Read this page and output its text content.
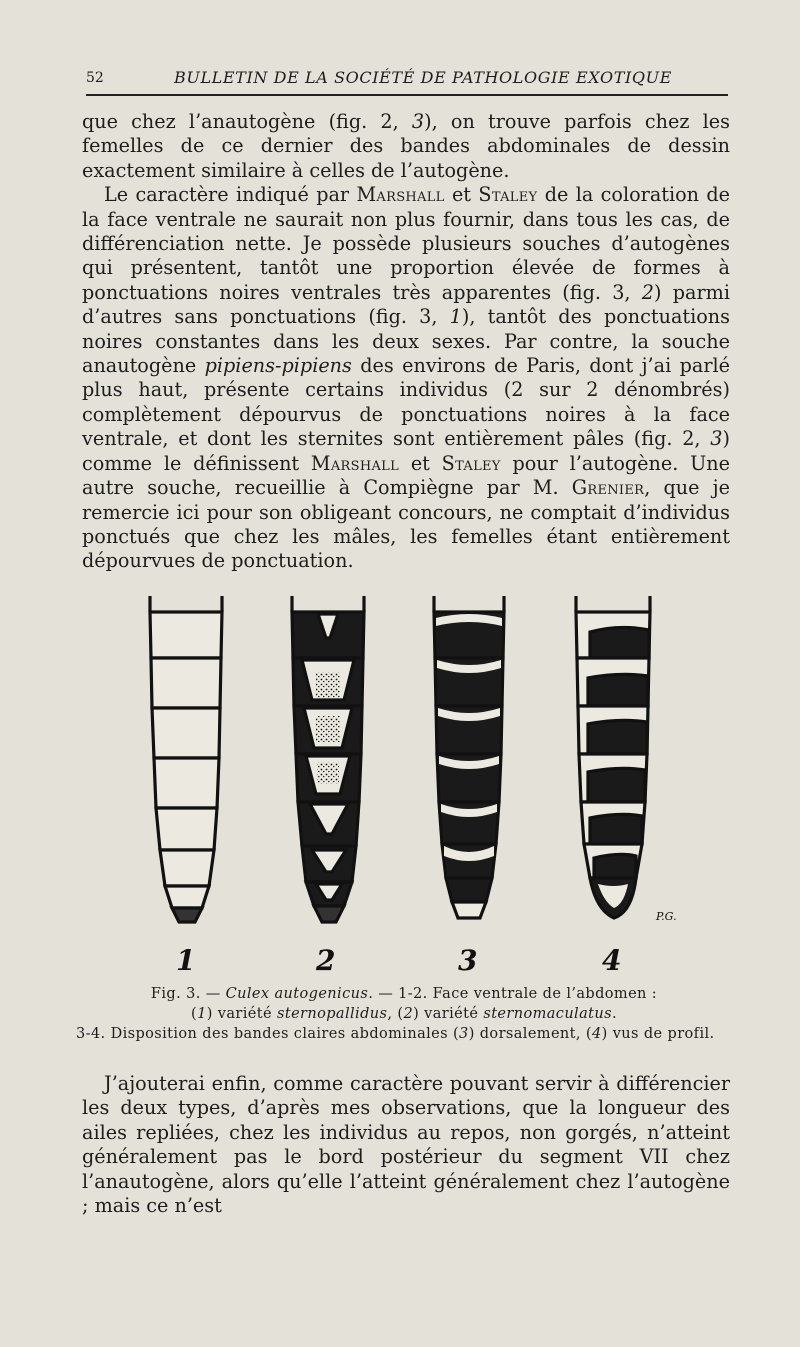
52	BULLETIN DE LA SOCIÉTÉ DE PATHOLOGIE EXOTIQUE

que chez l’anautogène (fig. 2, 3), on trouve parfois chez les femelles de ce dernier des bandes abdominales de dessin exactement similaire à celles de l’autogène.

Le caractère indiqué par Marshall et Staley de la coloration de la face ventrale ne saurait non plus fournir, dans tous les cas, de différenciation nette. Je possède plusieurs souches d’autogènes qui présentent, tantôt une proportion élevée de formes à ponctuations noires ventrales très apparentes (fig. 3, 2) parmi d’autres sans ponctuations (fig. 3, 1), tantôt des ponctuations noires constantes dans les deux sexes. Par contre, la souche anautogène pipiens-pipiens des environs de Paris, dont j’ai parlé plus haut, présente certains individus (2 sur 2 dénombrés) complètement dépourvus de ponctuations noires à la face ventrale, et dont les sternites sont entièrement pâles (fig. 2, 3) comme le définissent Marshall et Staley pour l’autogène. Une autre souche, recueillie à Compiègne par M. Grenier, que je remercie ici pour son obligeant concours, ne comptait d’individus ponctués que chez les mâles, les femelles étant entièrement dépourvues de ponctuation.

P.G.
1	2	3	4
Fig. 3. — Culex autogenicus. — 1-2. Face ventrale de l’abdomen :
(1) variété sternopallidus, (2) variété sternomaculatus.
3-4. Disposition des bandes claires abdominales (3) dorsalement, (4) vus de profil.

J’ajouterai enfin, comme caractère pouvant servir à différencier les deux types, d’après mes observations, que la longueur des ailes repliées, chez les individus au repos, non gorgés, n’atteint généralement pas le bord postérieur du segment VII chez l’anautogène, alors qu’elle l’atteint généralement chez l’autogène ; mais ce n’est
